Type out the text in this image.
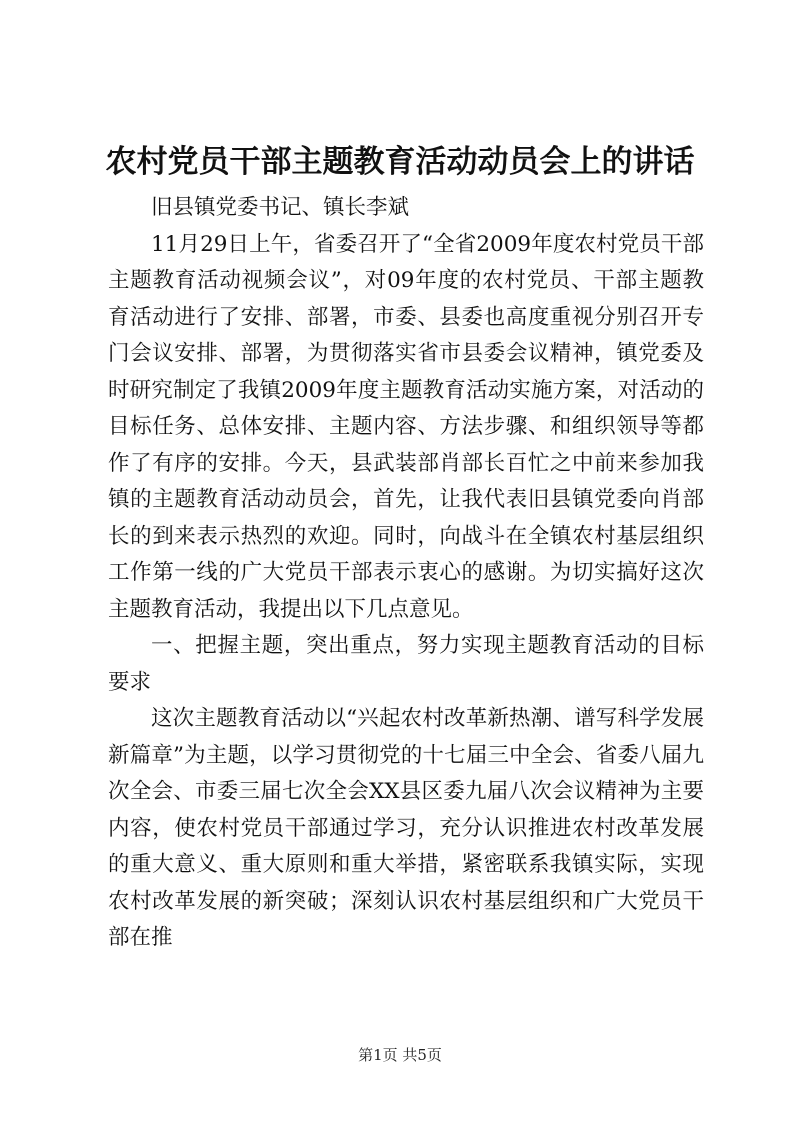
农村党员干部主题教育活动动员会上的讲话

旧县镇党委书记、镇长李斌

11月29日上午，省委召开了“全省2009年度农村党员干部主题教育活动视频会议”，对09年度的农村党员、干部主题教育活动进行了安排、部署，市委、县委也高度重视分别召开专门会议安排、部署，为贯彻落实省市县委会议精神，镇党委及时研究制定了我镇2009年度主题教育活动实施方案，对活动的目标任务、总体安排、主题内容、方法步骤、和组织领导等都作了有序的安排。今天，县武装部肖部长百忙之中前来参加我镇的主题教育活动动员会，首先，让我代表旧县镇党委向肖部长的到来表示热烈的欢迎。同时，向战斗在全镇农村基层组织工作第一线的广大党员干部表示衷心的感谢。为切实搞好这次主题教育活动，我提出以下几点意见。

一、把握主题，突出重点，努力实现主题教育活动的目标要求

这次主题教育活动以“兴起农村改革新热潮、谱写科学发展新篇章”为主题，以学习贯彻党的十七届三中全会、省委八届九次全会、市委三届七次全会XX县区委九届八次会议精神为主要内容，使农村党员干部通过学习，充分认识推进农村改革发展的重大意义、重大原则和重大举措，紧密联系我镇实际，实现农村改革发展的新突破；深刻认识农村基层组织和广大党员干部在推

第1页 共5页
